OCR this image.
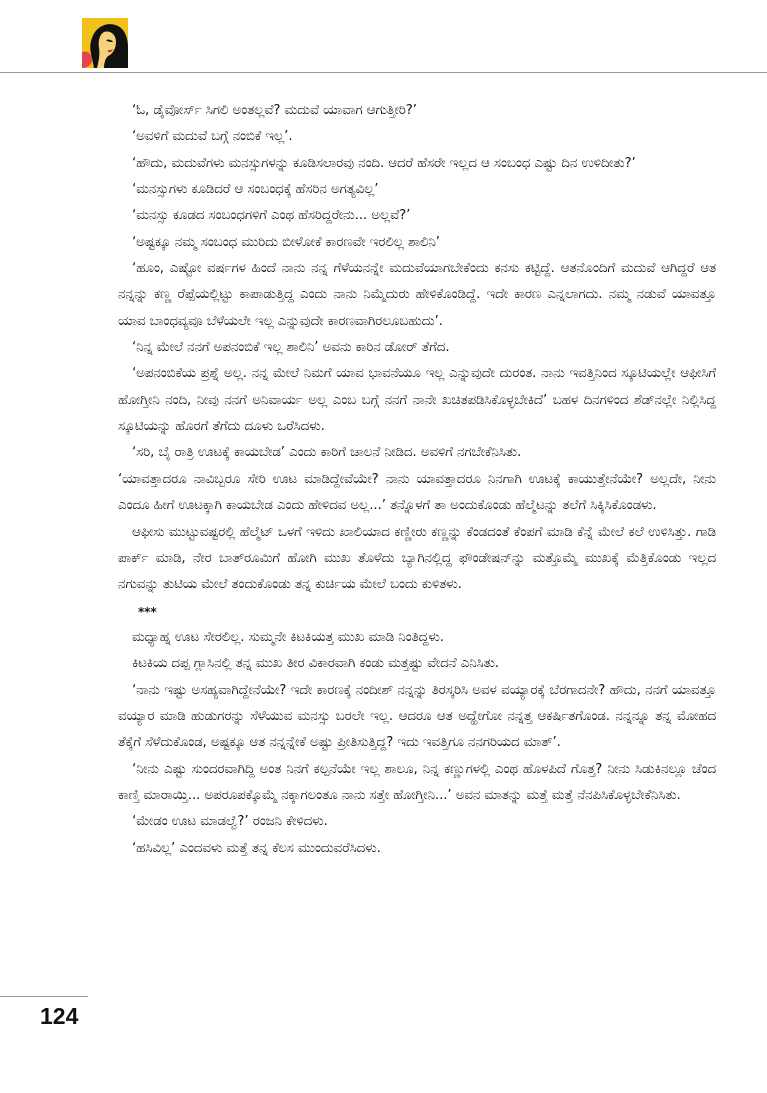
‘ಓ, ಡೈವೋರ್ಸ್ ಸಿಗಲಿ ಅಂತಲ್ಲವೆ? ಮದುವೆ ಯಾವಾಗ ಆಗುತ್ತೀರಿ?’

‘ಅವಳಿಗೆ ಮದುವೆ ಬಗ್ಗೆ ನಂಬಿಕೆ ಇಲ್ಲ’.

‘ಹೌದು, ಮದುವೆಗಳು ಮನಸ್ಸುಗಳನ್ನು ಕೂಡಿಸಲಾರವು ನಂದಿ. ಆದರೆ ಹೆಸರೇ ಇಲ್ಲದ ಆ ಸಂಬಂಧ ಎಷ್ಟು ದಿನ ಉಳಿದೀತು?’

‘ಮನಸ್ಸುಗಳು ಕೂಡಿದರೆ ಆ ಸಂಬಂಧಕ್ಕೆ ಹೆಸರಿನ ಅಗತ್ಯವಿಲ್ಲ’

‘ಮನಸ್ಸು ಕೂಡದ ಸಂಬಂಧಗಳಿಗೆ ಎಂಥ ಹೆಸರಿದ್ದರೇನು... ಅಲ್ಲವೆ?’

‘ಅಷ್ಟಕ್ಕೂ ನಮ್ಮ ಸಂಬಂಧ ಮುರಿದು ಬೀಳೋಕೆ ಕಾರಣವೇ ಇರಲಿಲ್ಲ ಶಾಲಿನಿ’

‘ಹೂಂ, ಎಷ್ಟೋ ವರ್ಷಗಳ ಹಿಂದೆ ನಾನು ನನ್ನ ಗೆಳೆಯನನ್ನೇ ಮದುವೆಯಾಗಬೇಕೆಂದು ಕನಸು ಕಟ್ಟಿದ್ದೆ. ಆತನೊಂದಿಗೆ ಮದುವೆ ಆಗಿದ್ದರೆ ಆತ ನನ್ನನ್ನು ಕಣ್ಣ ರೆಪ್ಪೆಯಲ್ಲಿಟ್ಟು ಕಾಪಾಡುತ್ತಿದ್ದ ಎಂದು ನಾನು ನಿಮ್ಮೆದುರು ಹೇಳಿಕೊಂಡಿದ್ದೆ. ಇದೇ ಕಾರಣ ಎನ್ನಲಾಗದು. ನಮ್ಮ ನಡುವೆ ಯಾವತ್ತೂ ಯಾವ ಬಾಂಧವ್ಯವೂ ಬೆಳೆಯಲೇ ಇಲ್ಲ ಎನ್ನುವುದೇ ಕಾರಣವಾಗಿರಲೂಬಹುದು’.

‘ನಿನ್ನ ಮೇಲೆ ನನಗೆ ಅಪನಂಬಿಕೆ ಇಲ್ಲ ಶಾಲಿನಿ’ ಅವನು ಕಾರಿನ ಡೋರ್ ತೆಗೆದ.

‘ಅಪನಂಬಿಕೆಯ ಪ್ರಶ್ನೆ ಅಲ್ಲ. ನನ್ನ ಮೇಲೆ ನಿಮಗೆ ಯಾವ ಭಾವನೆಯೂ ಇಲ್ಲ ಎನ್ನುವುದೇ ದುರಂತ. ನಾನು ಇವತ್ತಿನಿಂದ ಸ್ಕೂಟಿಯಲ್ಲೇ ಆಫೀಸಿಗೆ ಹೋಗ್ತೀನಿ ನಂದಿ, ನೀವು ನನಗೆ ಅನಿವಾರ್ಯ ಅಲ್ಲ ಎಂಬ ಬಗ್ಗೆ ನನಗೆ ನಾನೇ ಖಚಿತಪಡಿಸಿಕೊಳ್ಳಬೇಕಿದೆ’ ಬಹಳ ದಿನಗಳಿಂದ ಶೆಡ್‌ನಲ್ಲೇ ನಿಲ್ಲಿಸಿದ್ದ ಸ್ಕೂಟಿಯನ್ನು ಹೊರಗೆ ತೆಗೆದು ದೂಳು ಒರೆಸಿದಳು.

‘ಸರಿ, ಬೈ ರಾತ್ರಿ ಊಟಕ್ಕೆ ಕಾಯಬೇಡ’ ಎಂದು ಕಾರಿಗೆ ಚಾಲನೆ ನೀಡಿದ. ಅವಳಿಗೆ ನಗಬೇಕೆನಿಸಿತು.

‘ಯಾವತ್ತಾದರೂ ನಾವಿಬ್ಬರೂ ಸೇರಿ ಊಟ ಮಾಡಿದ್ದೇವೆಯೇ? ನಾನು ಯಾವತ್ತಾದರೂ ನಿನಗಾಗಿ ಊಟಕ್ಕೆ ಕಾಯುತ್ತೇನೆಯೇ? ಅಲ್ಲದೇ, ನೀನು ಎಂದೂ ಹೀಗೆ ಊಟಕ್ಕಾಗಿ ಕಾಯಬೇಡ ಎಂದು ಹೇಳಿದವ ಅಲ್ಲ...’ ತನ್ನೊಳಗೆ ತಾ ಅಂದುಕೊಂಡು ಹೆಲ್ಮೆಟನ್ನು ತಲೆಗೆ ಸಿಕ್ಕಿಸಿಕೊಂಡಳು.

ಆಫೀಸು ಮುಟ್ಟುವಷ್ಟರಲ್ಲಿ ಹೆಲ್ಮೆಟ್ ಒಳಗೆ ಇಳಿದು ಖಾಲಿಯಾದ ಕಣ್ಣೀರು ಕಣ್ಣನ್ನು ಕೆಂಡದಂತೆ ಕೆಂಪಗೆ ಮಾಡಿ ಕೆನ್ನೆ ಮೇಲೆ ಕಲೆ ಉಳಿಸಿತ್ತು. ಗಾಡಿ ಪಾರ್ಕ್ ಮಾಡಿ, ನೇರ ಬಾತ್‌ರೂಮಿಗೆ ಹೋಗಿ ಮುಖ ತೊಳೆದು ಬ್ಯಾಗಿನಲ್ಲಿದ್ದ ಫೌಂಡೇಷನ್‌ನ್ನು ಮತ್ತೊಮ್ಮೆ ಮುಖಕ್ಕೆ ಮೆತ್ತಿಕೊಂಡು ಇಲ್ಲದ ನಗುವನ್ನು ತುಟಿಯ ಮೇಲೆ ತಂದುಕೊಂಡು ತನ್ನ ಕುರ್ಚಿಯ ಮೇಲೆ ಬಂದು ಕುಳಿತಳು.

***

ಮಧ್ಯಾಹ್ನ ಊಟ ಸೇರಲಿಲ್ಲ. ಸುಮ್ಮನೇ ಕಿಟಕಿಯತ್ತ ಮುಖ ಮಾಡಿ ನಿಂತಿದ್ದಳು.

ಕಿಟಕಿಯ ದಪ್ಪ ಗ್ಲಾಸಿನಲ್ಲಿ ತನ್ನ ಮುಖ ತೀರ ವಿಕಾರವಾಗಿ ಕಂಡು ಮತ್ತಷ್ಟು ವೇದನೆ ಎನಿಸಿತು.

‘ನಾನು ಇಷ್ಟು ಅಸಹ್ಯವಾಗಿದ್ದೇನೆಯೇ? ಇದೇ ಕಾರಣಕ್ಕೆ ನಂದೀಶ್ ನನ್ನನ್ನು ತಿರಸ್ಕರಿಸಿ ಅವಳ ವಯ್ಯಾರಕ್ಕೆ ಬೆರಗಾದನೇ? ಹೌದು, ನನಗೆ ಯಾವತ್ತೂ ವಯ್ಯಾರ ಮಾಡಿ ಹುಡುಗರನ್ನು ಸೆಳೆಯುವ ಮನಸ್ಸು ಬರಲೇ ಇಲ್ಲ. ಆದರೂ ಆತ ಅದ್ಹೇಗೋ ನನ್ನತ್ತ ಆಕರ್ಷಿತಗೊಂಡ. ನನ್ನನ್ನೂ ತನ್ನ ಮೋಹದ ತೆಕ್ಕೆಗೆ ಸೆಳೆದುಕೊಂಡ, ಅಷ್ಟಕ್ಕೂ ಆತ ನನ್ನನ್ನೇಕೆ ಅಷ್ಟು ಪ್ರೀತಿಸುತ್ತಿದ್ದ? ಇದು ಇವತ್ತಿಗೂ ನನಗರಿಯದ ಮಾತ್’.

‘ನೀನು ಎಷ್ಟು ಸುಂದರವಾಗಿದ್ದಿ ಅಂತ ನಿನಗೆ ಕಲ್ಪನೆಯೇ ಇಲ್ಲ ಶಾಲೂ, ನಿನ್ನ ಕಣ್ಣುಗಳಲ್ಲಿ ಎಂಥ ಹೊಳಪಿದೆ ಗೊತ್ತ? ನೀನು ಸಿಡುಕಿನಲ್ಲೂ ಚೆಂದ ಕಾಣ್ತಿ ಮಾರಾಯ್ತಿ... ಅಪರೂಪಕ್ಕೊಮ್ಮೆ ನಕ್ಕಾಗಲಂತೂ ನಾನು ಸತ್ತೇ ಹೋಗ್ತೀನಿ...’ ಅವನ ಮಾತನ್ನು ಮತ್ತೆ ಮತ್ತೆ ನೆನಪಿಸಿಕೊಳ್ಳಬೇಕೆನಿಸಿತು.

‘ಮೇಡಂ ಊಟ ಮಾಡಲ್ವೆ?’ ರಂಜನಿ ಕೇಳಿದಳು.

‘ಹಸಿವಿಲ್ಲ’ ಎಂದವಳು ಮತ್ತೆ ತನ್ನ ಕೆಲಸ ಮುಂದುವರೆಸಿದಳು.

124
